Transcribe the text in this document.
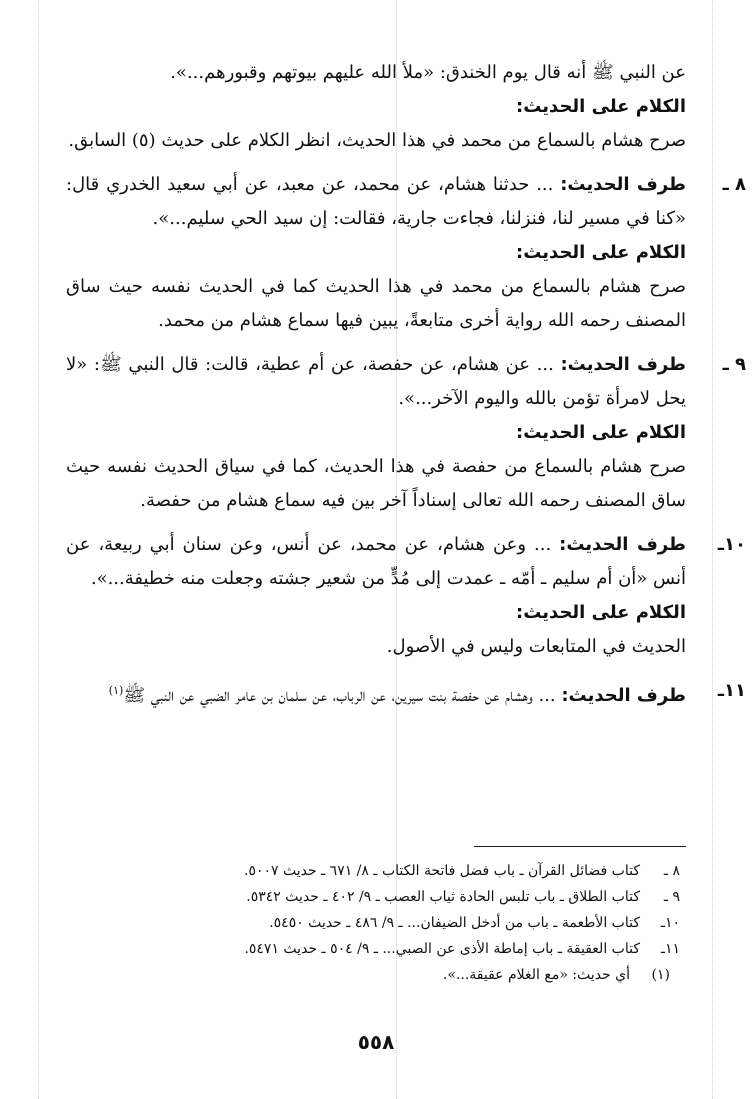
عن النبي ﷺ أنه قال يوم الخندق: «ملأ الله عليهم بيوتهم وقبورهم...».

الكلام على الحديث:

صرح هشام بالسماع من محمد في هذا الحديث، انظر الكلام على حديث (٥) السابق.

٨ ـ

طرف الحديث: ... حدثنا هشام، عن محمد، عن معبد، عن أبي سعيد الخدري قال: «كنا في مسير لنا، فنزلنا، فجاءت جارية، فقالت: إن سيد الحي سليم...».

الكلام على الحديث:

صرح هشام بالسماع من محمد في هذا الحديث كما في الحديث نفسه حيث ساق المصنف رحمه الله رواية أخرى متابعةً، يبين فيها سماع هشام من محمد.

٩ ـ

طرف الحديث: ... عن هشام، عن حفصة، عن أم عطية، قالت: قال النبي ﷺ: «لا يحل لامرأة تؤمن بالله واليوم الآخر...».

الكلام على الحديث:

صرح هشام بالسماع من حفصة في هذا الحديث، كما في سياق الحديث نفسه حيث ساق المصنف رحمه الله تعالى إسناداً آخر بين فيه سماع هشام من حفصة.

١٠ـ

طرف الحديث: ... وعن هشام، عن محمد، عن أنس، وعن سنان أبي ربيعة، عن أنس «أن أم سليم ـ أمّه ـ عمدت إلى مُدٍّ من شعير جشته وجعلت منه خطيفة...».

الكلام على الحديث:

الحديث في المتابعات وليس في الأصول.

١١ـ

طرف الحديث: ... وهشام عن حفصة بنت سيرين، عن الرباب، عن سلمان بن عامر الضبي عن النبي ﷺ$^{(١)}$

٨ ـكتاب فضائل القرآن ـ باب فضل فاتحة الكتاب ـ ٨/ ٦٧١ ـ حديث ٥٠٠٧.

٩ ـكتاب الطلاق ـ باب تلبس الحادة ثياب العصب ـ ٩/ ٤٠٢ ـ حديث ٥٣٤٢.

١٠ـكتاب الأطعمة ـ باب من أدخل الضيفان... ـ ٩/ ٤٨٦ ـ حديث ٥٤٥٠.

١١ـكتاب العقيقة ـ باب إماطة الأذى عن الصبي... ـ ٩/ ٥٠٤ ـ حديث ٥٤٧١.

(١)أي حديث: «مع الغلام عقيقة...».

٥٥٨
